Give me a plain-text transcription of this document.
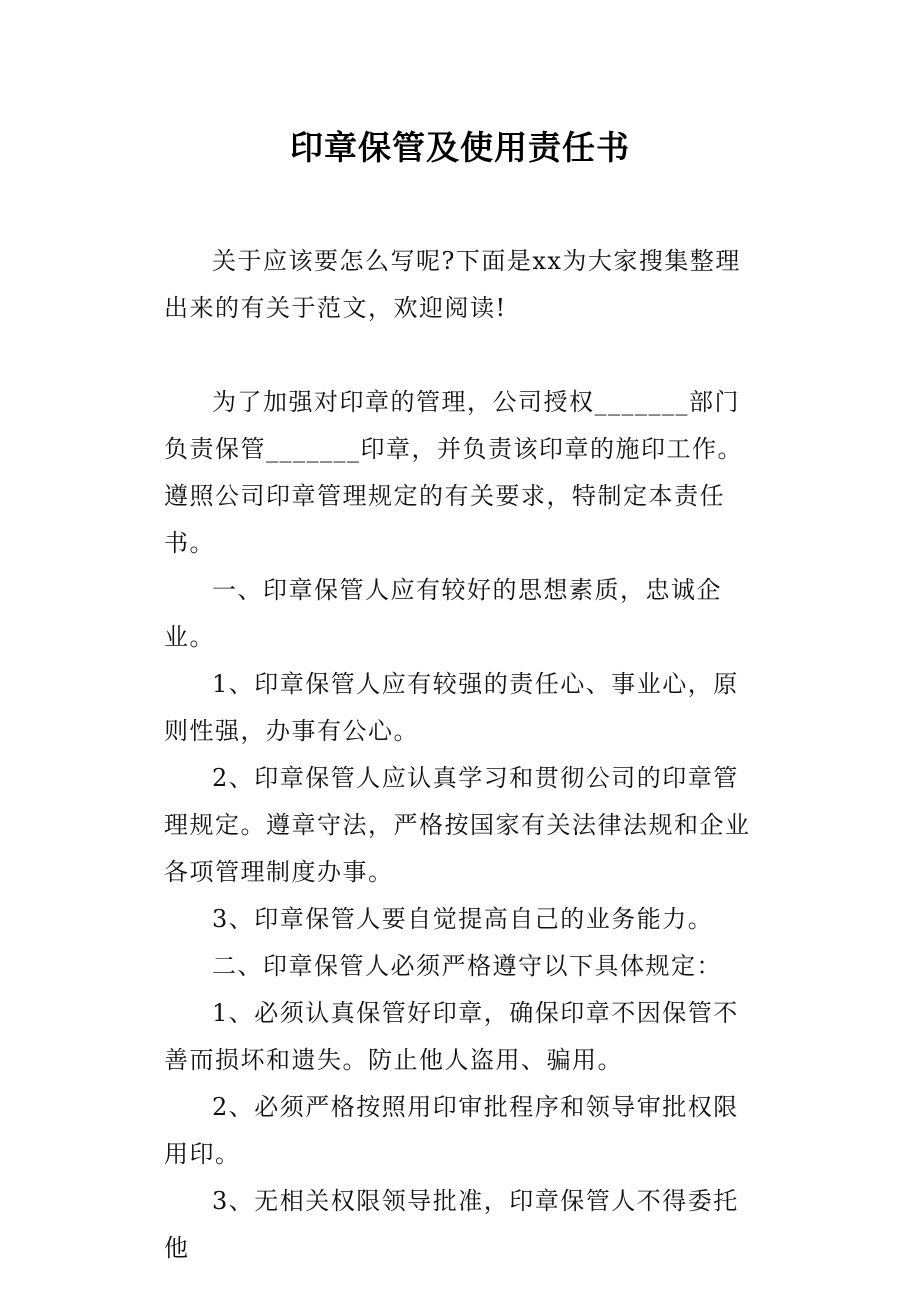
印章保管及使用责任书

关于应该要怎么写呢?下面是xx为大家搜集整理出来的有关于范文，欢迎阅读!

为了加强对印章的管理，公司授权_______部门负责保管_______印章，并负责该印章的施印工作。遵照公司印章管理规定的有关要求，特制定本责任书。

一、印章保管人应有较好的思想素质，忠诚企业。

1、印章保管人应有较强的责任心、事业心，原则性强，办事有公心。

2、印章保管人应认真学习和贯彻公司的印章管理规定。遵章守法，严格按国家有关法律法规和企业各项管理制度办事。

3、印章保管人要自觉提高自己的业务能力。

二、印章保管人必须严格遵守以下具体规定：

1、必须认真保管好印章，确保印章不因保管不善而损坏和遗失。防止他人盗用、骗用。

2、必须严格按照用印审批程序和领导审批权限用印。

3、无相关权限领导批准，印章保管人不得委托他
